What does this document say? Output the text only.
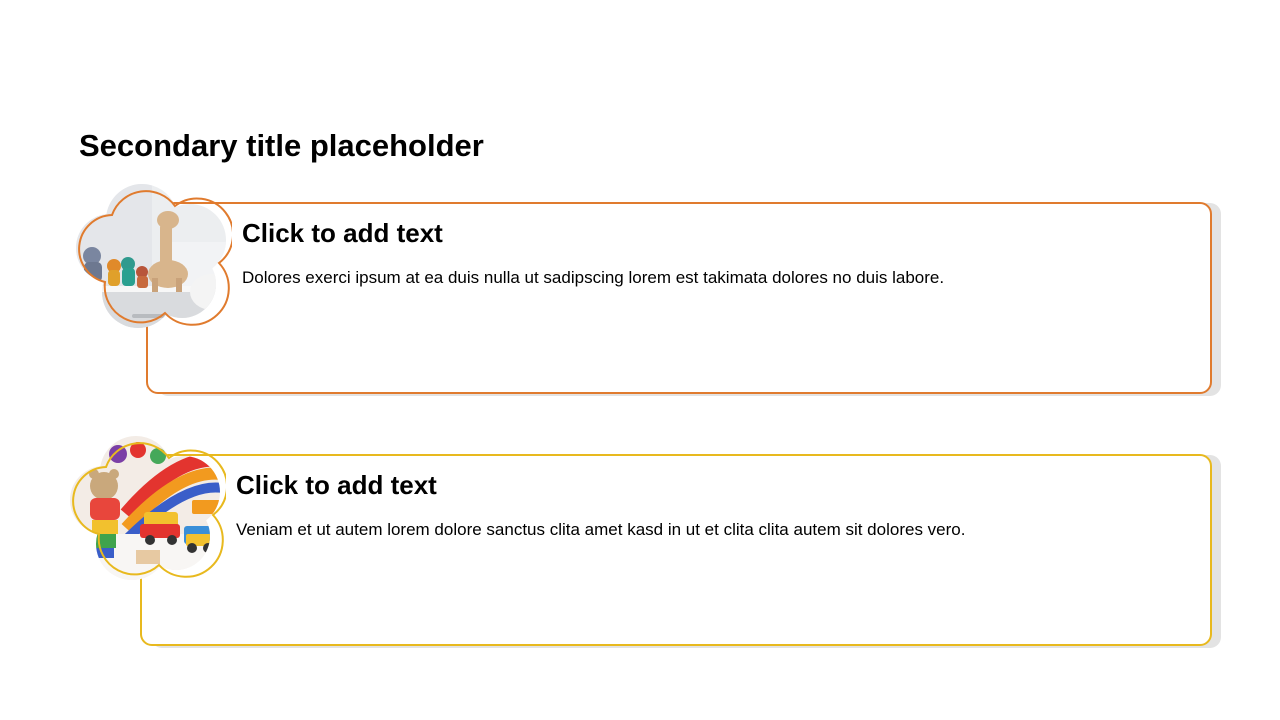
Secondary title placeholder
Click to add text

Dolores exerci ipsum at ea duis nulla ut sadipscing lorem est takimata dolores no duis labore.

Click to add text

Veniam et ut autem lorem dolore sanctus clita amet kasd in ut et clita clita autem sit dolores vero.
